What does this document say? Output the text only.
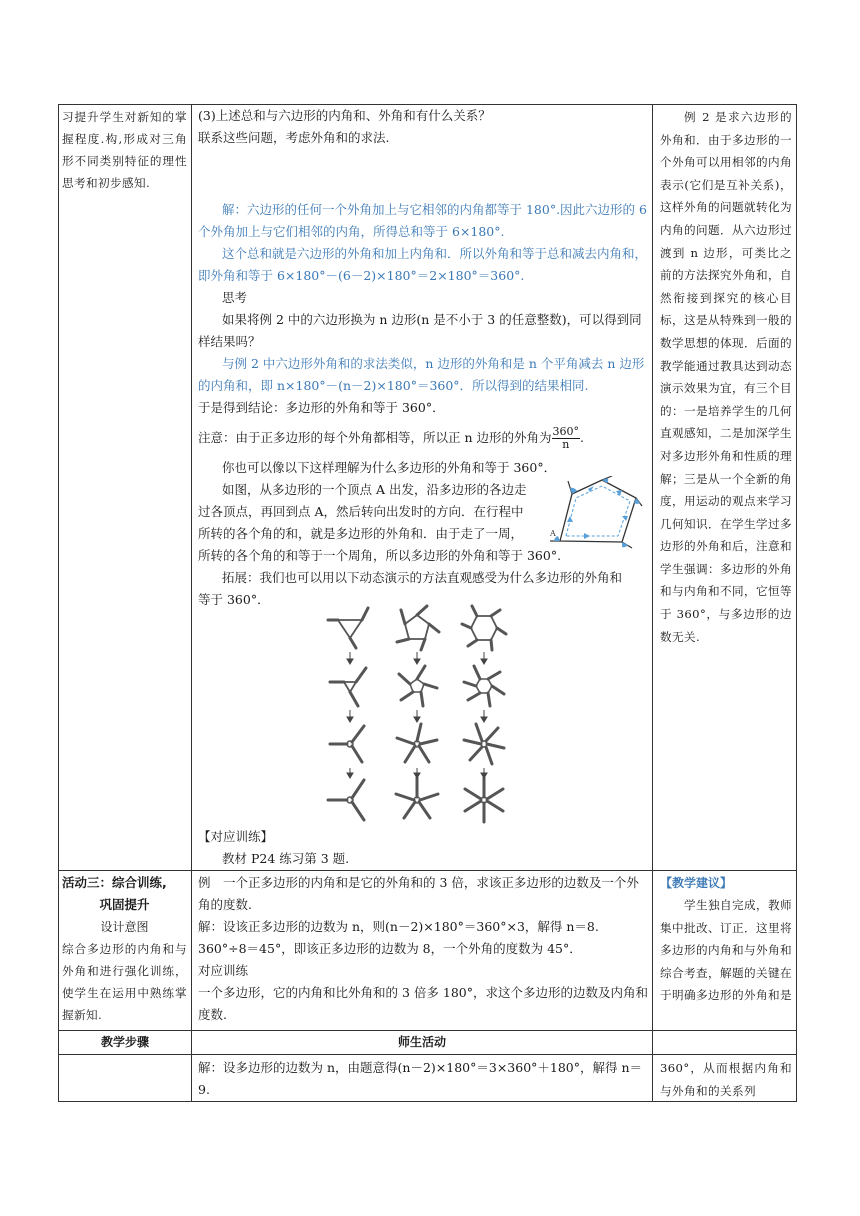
习提升学生对新知的掌握程度.构,形成对三角形不同类别特征的理性思考和初步感知.

(3)上述总和与六边形的内角和、外角和有什么关系？

联系这些问题，考虑外角和的求法.

解：六边形的任何一个外角加上与它相邻的内角都等于 180°.因此六边形的 6 个外角加上与它们相邻的内角，所得总和等于 6×180°.

这个总和就是六边形的外角和加上内角和．所以外角和等于总和减去内角和，即外角和等于 6×180°－(6－2)×180°＝2×180°＝360°.

思考

如果将例 2 中的六边形换为 n 边形(n 是不小于 3 的任意整数)，可以得到同样结果吗？

与例 2 中六边形外角和的求法类似，n 边形的外角和是 n 个平角减去 n 边形的内角和，即 n×180°－(n－2)×180°＝360°．所以得到的结果相同.

于是得到结论：多边形的外角和等于 360°．

注意：由于正多边形的每个外角都相等，所以正 n 边形的外角为 $\frac{360^\circ}{n}$ .

你也可以像以下这样理解为什么多边形的外角和等于 360°．

如图，从多边形的一个顶点 A 出发，沿多边形的各边走

过各顶点，再回到点 A，然后转向出发时的方向．在行程中

所转的各个角的和，就是多边形的外角和．由于走了一周，

所转的各个角的和等于一个周角，所以多边形的外角和等于 360°.

拓展：我们也可以用以下动态演示的方法直观感受为什么多边形的外角和

等于 360°．

A

【对应训练】

教材 P24 练习第 3 题.

例 2 是求六边形的外角和．由于多边形的一个外角可以用相邻的内角表示(它们是互补关系)，这样外角的问题就转化为内角的问题．从六边形过渡到 n 边形，可类比之前的方法探究外角和，自然衔接到探究的核心目标，这是从特殊到一般的数学思想的体现．后面的教学能通过教具达到动态演示效果为宜，有三个目的：一是培养学生的几何直观感知，二是加深学生对多边形外角和性质的理解；三是从一个全新的角度，用运动的观点来学习几何知识．在学生学过多边形的外角和后，注意和学生强调：多边形的外角和与内角和不同，它恒等于 360°，与多边形的边数无关.

活动三：综合训练,

巩固提升

设计意图

综合多边形的内角和与外角和进行强化训练，使学生在运用中熟练掌握新知.

例　一个正多边形的内角和是它的外角和的 3 倍，求该正多边形的边数及一个外角的度数.

解：设该正多边形的边数为 n，则(n－2)×180°＝360°×3，解得 n＝8.

360°÷8＝45°，即该正多边形的边数为 8，一个外角的度数为 45°．

对应训练

一个多边形，它的内角和比外角和的 3 倍多 180°，求这个多边形的边数及内角和度数.

【教学建议】

学生独自完成，教师集中批改、订正．这里将多边形的内角和与外角和综合考查，解题的关键在于明确多边形的外角和是

教学步骤	师生活动
解：设多边形的边数为 n，由题意得(n－2)×180°＝3×360°＋180°，解得 n＝9.
360°，从而根据内角和与外角和的关系列
